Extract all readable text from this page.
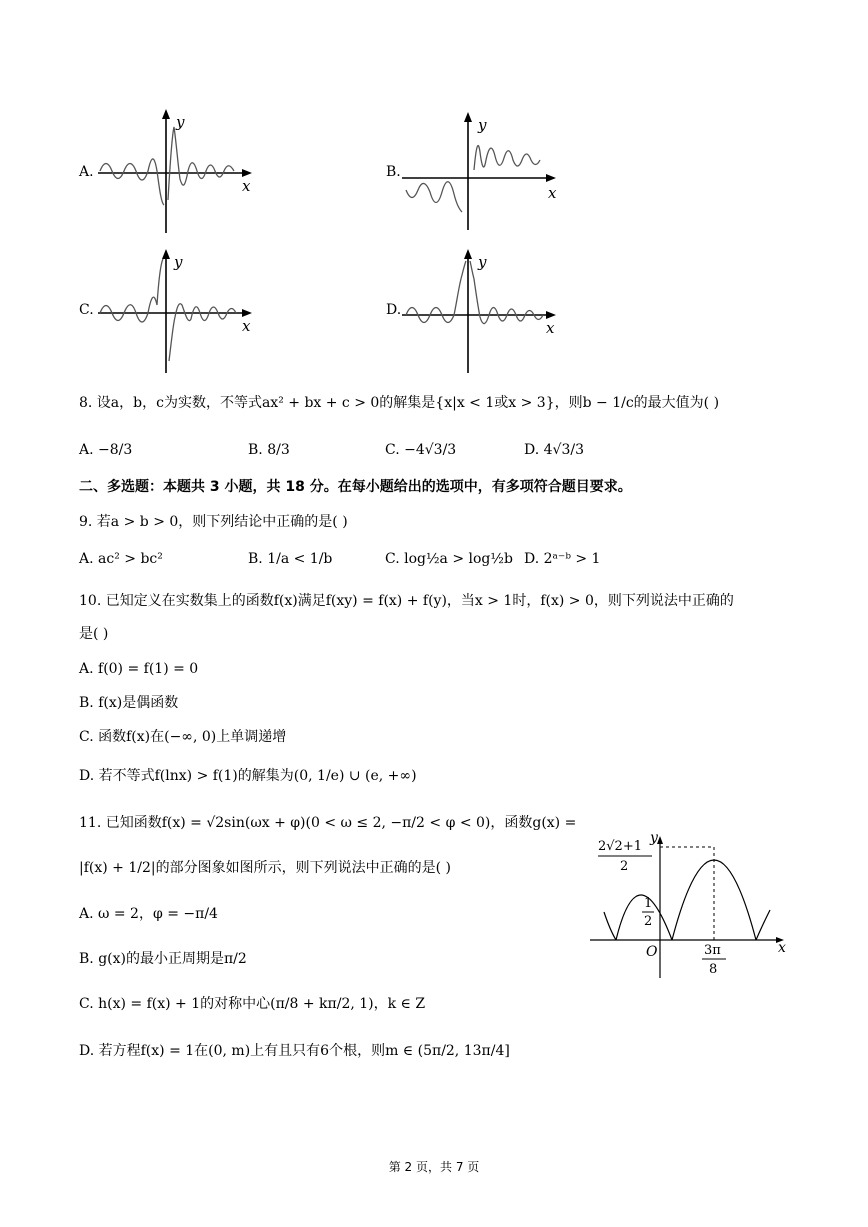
A.
y
x
B.
y
x
C.
y
x
D.
y
x
8. 设a，b，c为实数，不等式ax² + bx + c > 0的解集是{x|x < 1或x > 3}，则b − 1/c的最大值为( )
A. −8/3	B. 8/3	C. −4√3/3	D. 4√3/3
二、多选题：本题共 3 小题，共 18 分。在每小题给出的选项中，有多项符合题目要求。
9. 若a > b > 0，则下列结论中正确的是( )
A. ac² > bc²	B. 1/a < 1/b	C. log½a > log½b D. 2ᵃ⁻ᵇ > 1
10. 已知定义在实数集上的函数f(x)满足f(xy) = f(x) + f(y)，当x > 1时，f(x) > 0，则下列说法中正确的
是( )
A. f(0) = f(1) = 0
B. f(x)是偶函数
C. 函数f(x)在(−∞, 0)上单调递增
D. 若不等式f(lnx) > f(1)的解集为(0, 1/e) ∪ (e, +∞)
11. 已知函数f(x) = √2sin(ωx + φ)(0 < ω ≤ 2, −π/2 < φ < 0)，函数g(x) =
|f(x) + 1/2|的部分图象如图所示，则下列说法中正确的是( )
A. ω = 2，φ = −π/4
B. g(x)的最小正周期是π/2
C. h(x) = f(x) + 1的对称中心(π/8 + kπ/2, 1)，k ∈ Z
D. 若方程f(x) = 1在(0, m)上有且只有6个根，则m ∈ (5π/2, 13π/4]
y
x
O
2√2+1
2
1
2
3π
8
第 2 页，共 7 页
